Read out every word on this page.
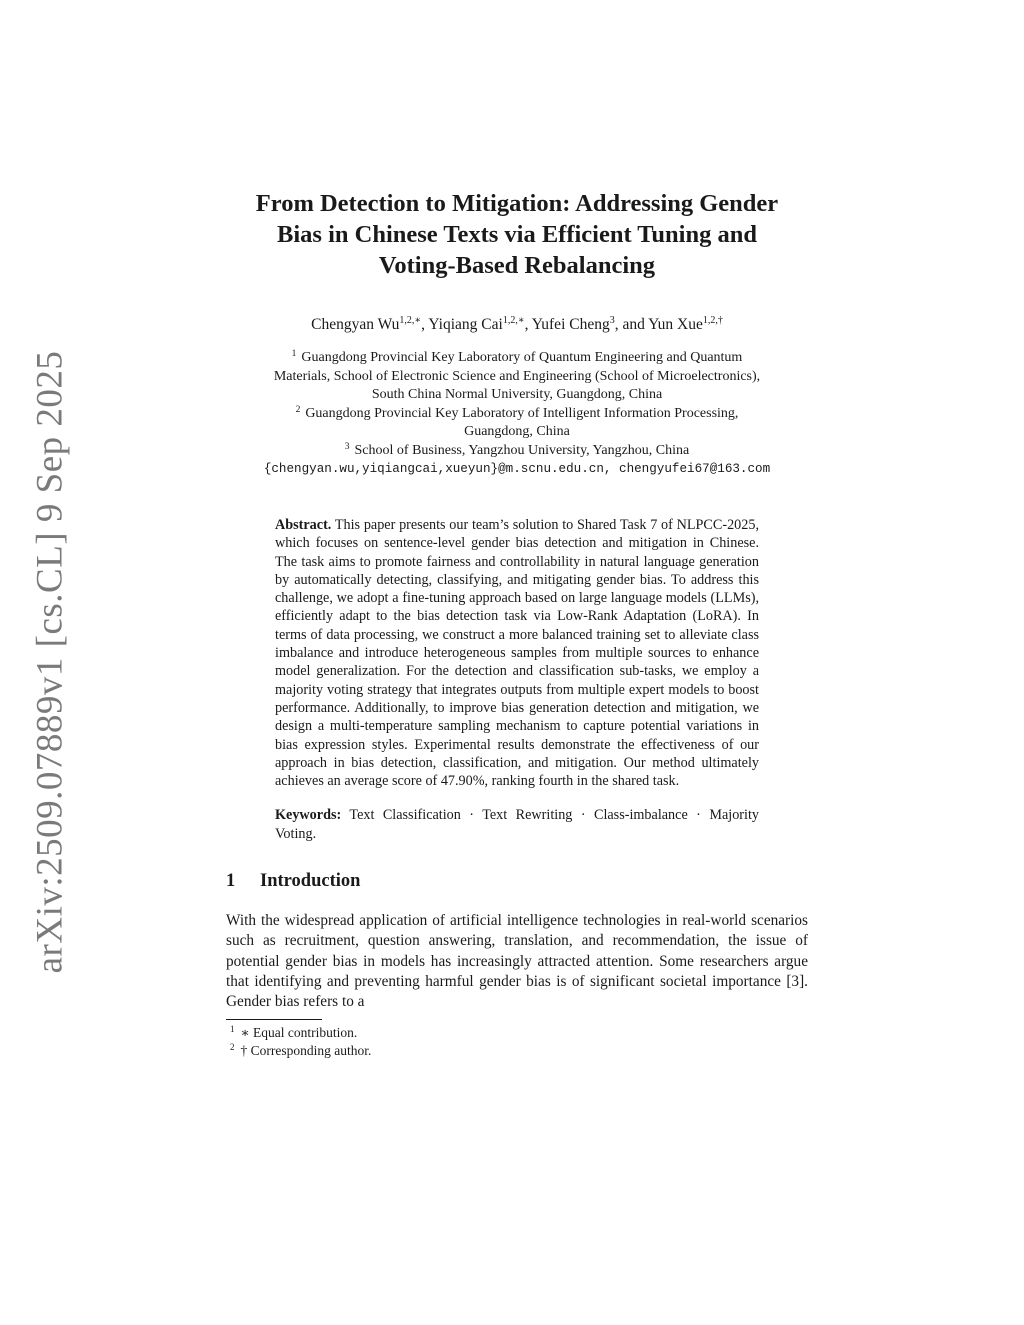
arXiv:2509.07889v1 [cs.CL] 9 Sep 2025
From Detection to Mitigation: Addressing Gender
Bias in Chinese Texts via Efficient Tuning and
Voting-Based Rebalancing
Chengyan $Wu^{1,2,∗}$, Yiqiang Cai$^{1,2,∗}$, Yufei Cheng$^3$, and Yun Xue$^{1,2,\dagger}$
$^1$ Guangdong Provincial Key Laboratory of Quantum Engineering and Quantum
Materials, School of Electronic Science and Engineering (School of Microelectronics),
South China Normal University, Guangdong, China
$^2$ Guangdong Provincial Key Laboratory of Intelligent Information Processing,
Guangdong, China
$^3$ School of Business, Yangzhou University, Yangzhou, China
{chengyan.wu,yiqiangcai,xueyun}@m.scnu.edu.cn, chengyufei67@163.com
Abstract. This paper presents our team’s solution to Shared Task 7 of NLPCC-2025, which focuses on sentence-level gender bias detection and mitigation in Chinese. The task aims to promote fairness and controllability in natural language generation by automatically detecting, classifying, and mitigating gender bias. To address this challenge, we adopt a fine-tuning approach based on large language models (LLMs), efficiently adapt to the bias detection task via Low-Rank Adaptation (LoRA). In terms of data processing, we construct a more balanced training set to alleviate class imbalance and introduce heterogeneous samples from multiple sources to enhance model generalization. For the detection and classification sub-tasks, we employ a majority voting strategy that integrates outputs from multiple expert models to boost performance. Additionally, to improve bias generation detection and mitigation, we design a multi-temperature sampling mechanism to capture potential variations in bias expression styles. Experimental results demonstrate the effectiveness of our approach in bias detection, classification, and mitigation. Our method ultimately achieves an average score of 47.90%, ranking fourth in the shared task.
Keywords: Text Classification · Text Rewriting · Class-imbalance · Majority Voting.
1 Introduction
With the widespread application of artificial intelligence technologies in real-world scenarios such as recruitment, question answering, translation, and recommendation, the issue of potential gender bias in models has increasingly attracted attention. Some researchers argue that identifying and preventing harmful gender bias is of significant societal importance [3]. Gender bias refers to a
$^1$ ∗ Equal contribution.
$^2$ † Corresponding author.
